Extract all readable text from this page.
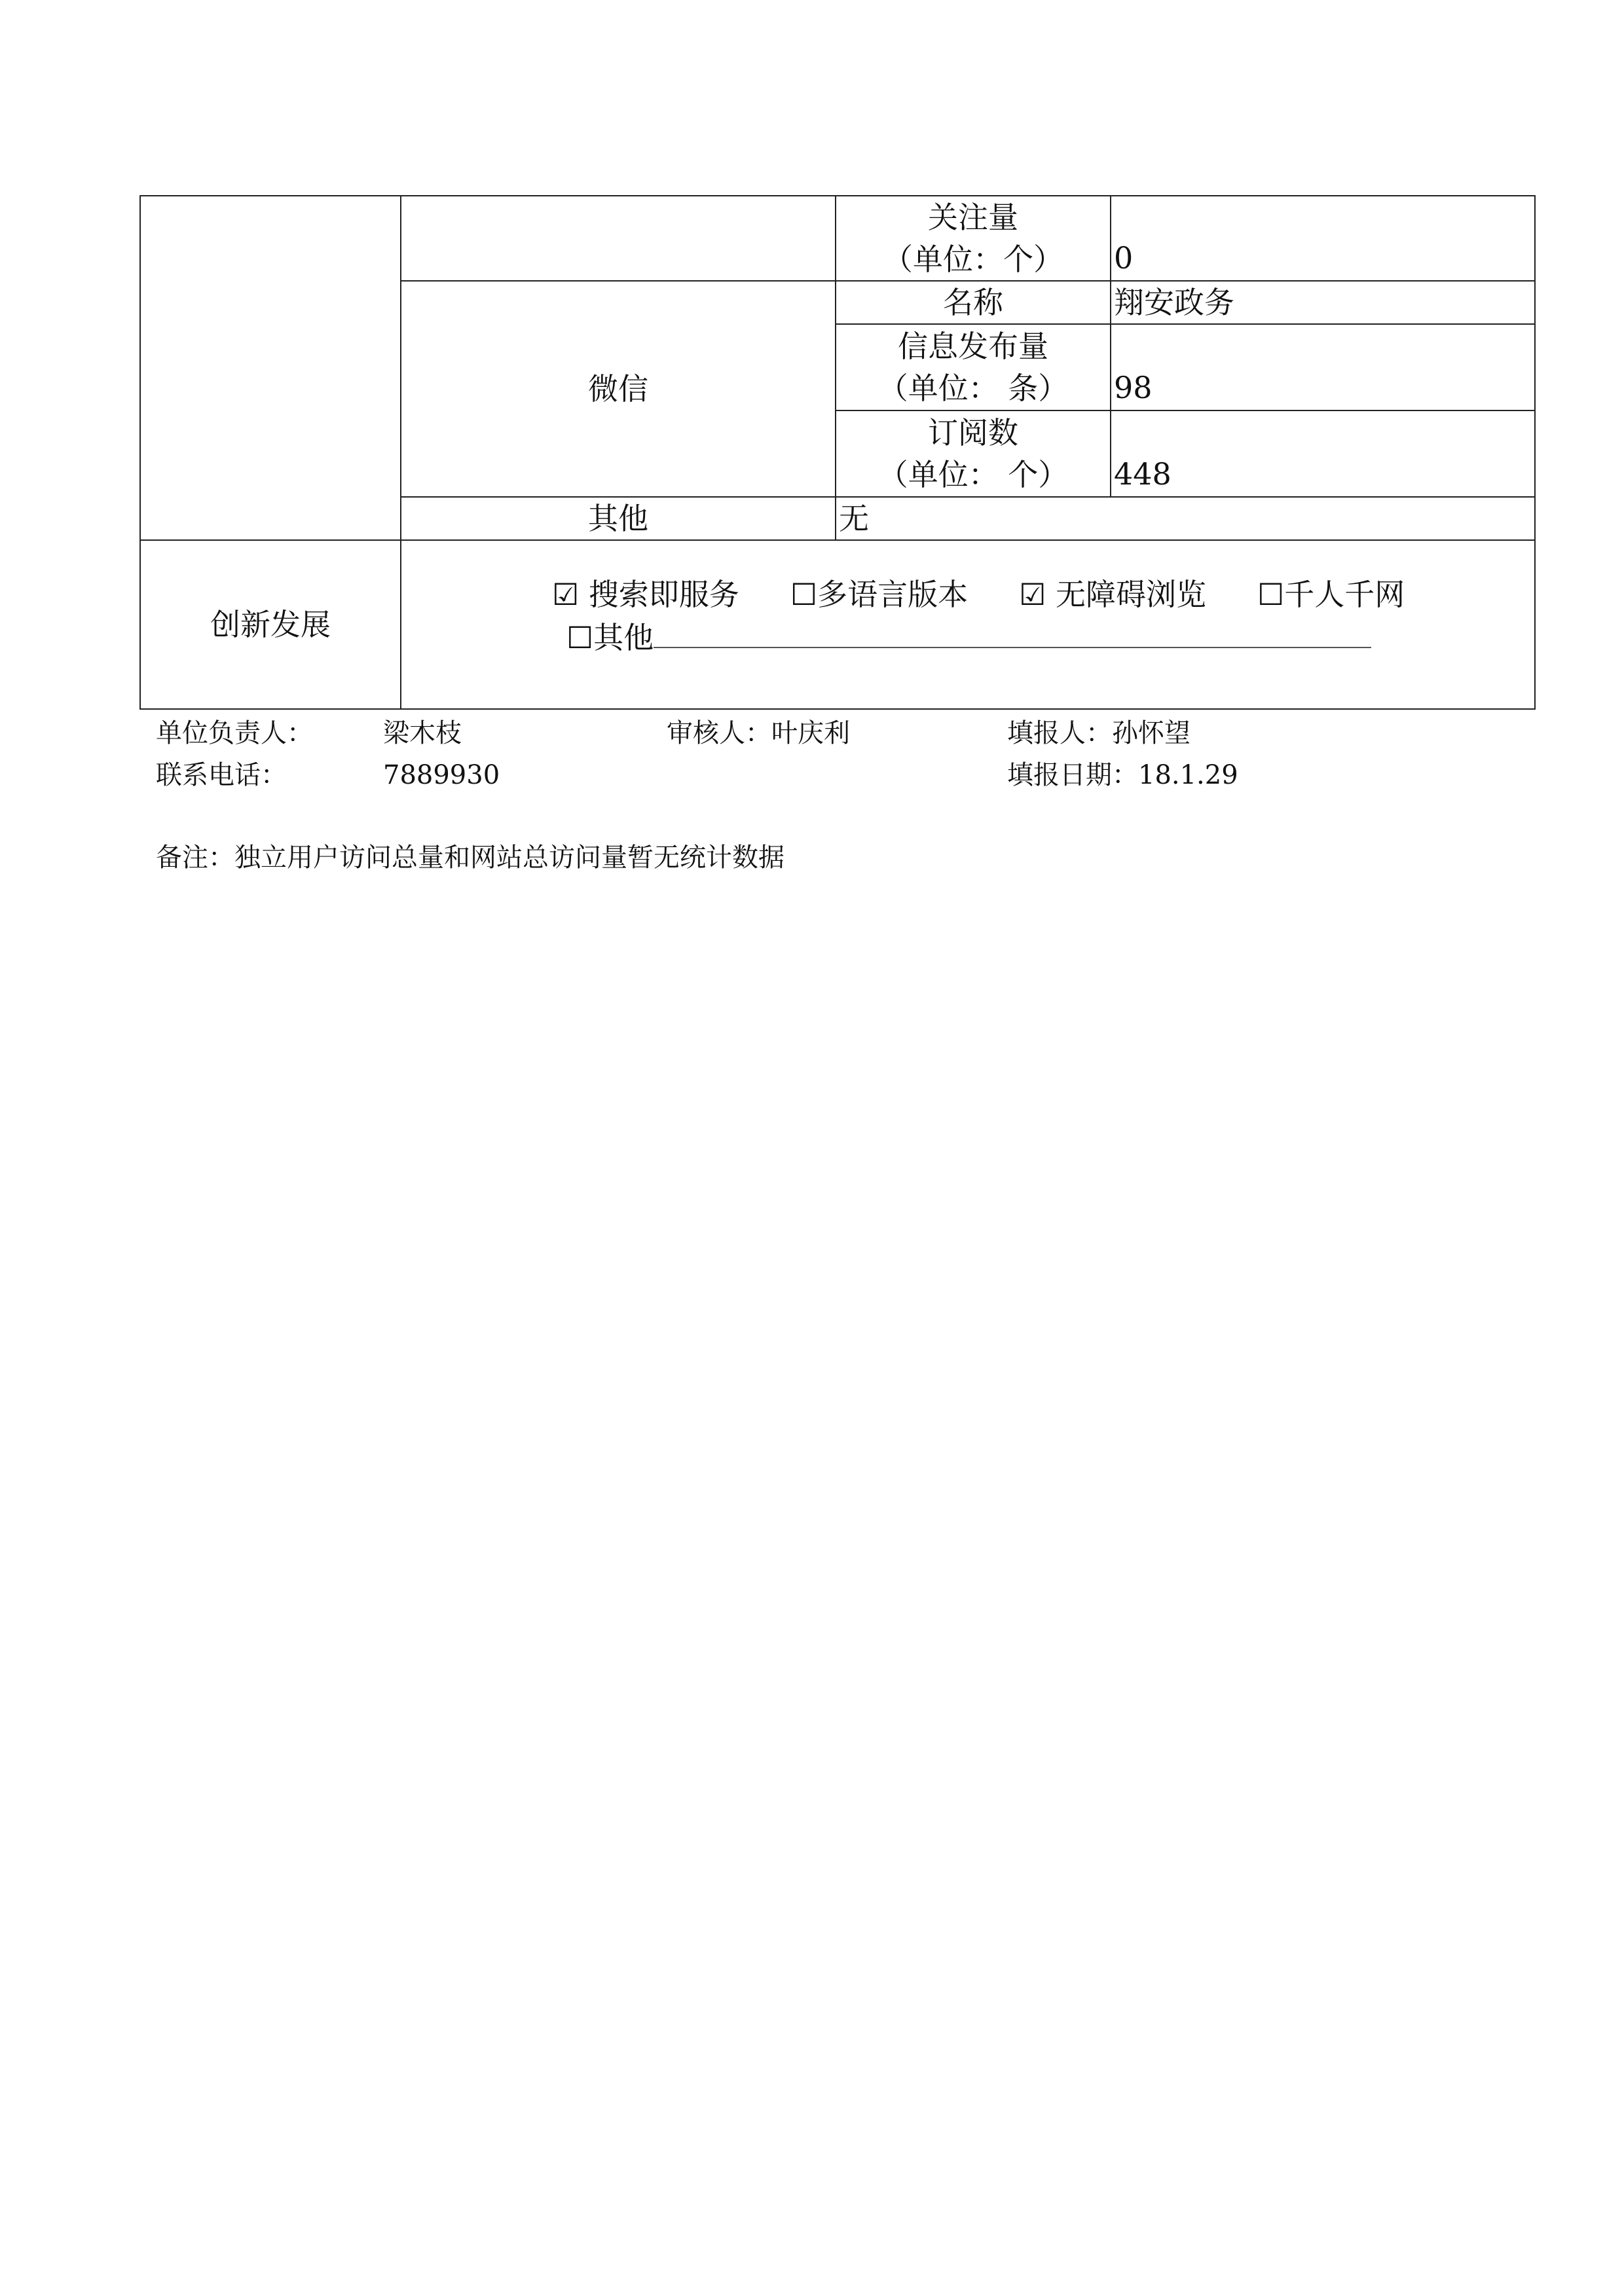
		关注量
（单位：个）	0
	微信	名称	翔安政务

		信息发布量
（单位： 条）	98

		订阅数
（单位： 个）	448
	其他	无	
创新发展	☑ 搜索即服务 ☐多语言版本 ☑ 无障碍浏览 ☐千人千网
☐其他		
单位负责人：	梁木枝	审核人：叶庆利	填报人：孙怀望
联系电话：	7889930	填报日期：18.1.29
备注：独立用户访问总量和网站总访问量暂无统计数据
